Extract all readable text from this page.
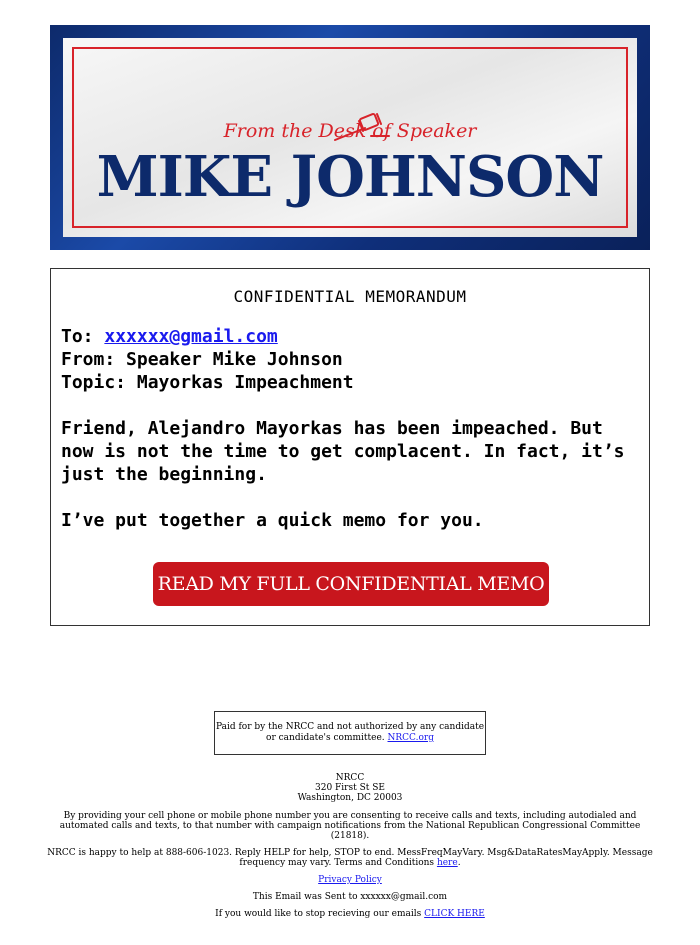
From the Desk of Speaker
MIKE JOHNSON
CONFIDENTIAL MEMORANDUM
To: xxxxxx@gmail.com
From: Speaker Mike Johnson
Topic: Mayorkas Impeachment

Friend, Alejandro Mayorkas has been impeached. But now is not the time to get complacent. In fact, it’s just the beginning.

I’ve put together a quick memo for you.

READ MY FULL CONFIDENTIAL MEMO
Paid for by the NRCC and not authorized by any candidate or candidate's committee. NRCC.org
NRCC
320 First St SE
Washington, DC 20003

By providing your cell phone or mobile phone number you are consenting to receive calls and texts, including autodialed and automated calls and texts, to that number with campaign notifications from the National Republican Congressional Committee (21818).

NRCC is happy to help at 888-606-1023. Reply HELP for help, STOP to end. MessFreqMayVary. Msg&DataRatesMayApply. Message frequency may vary. Terms and Conditions here.

Privacy Policy

This Email was Sent to xxxxxx@gmail.com

If you would like to stop recieving our emails CLICK HERE
